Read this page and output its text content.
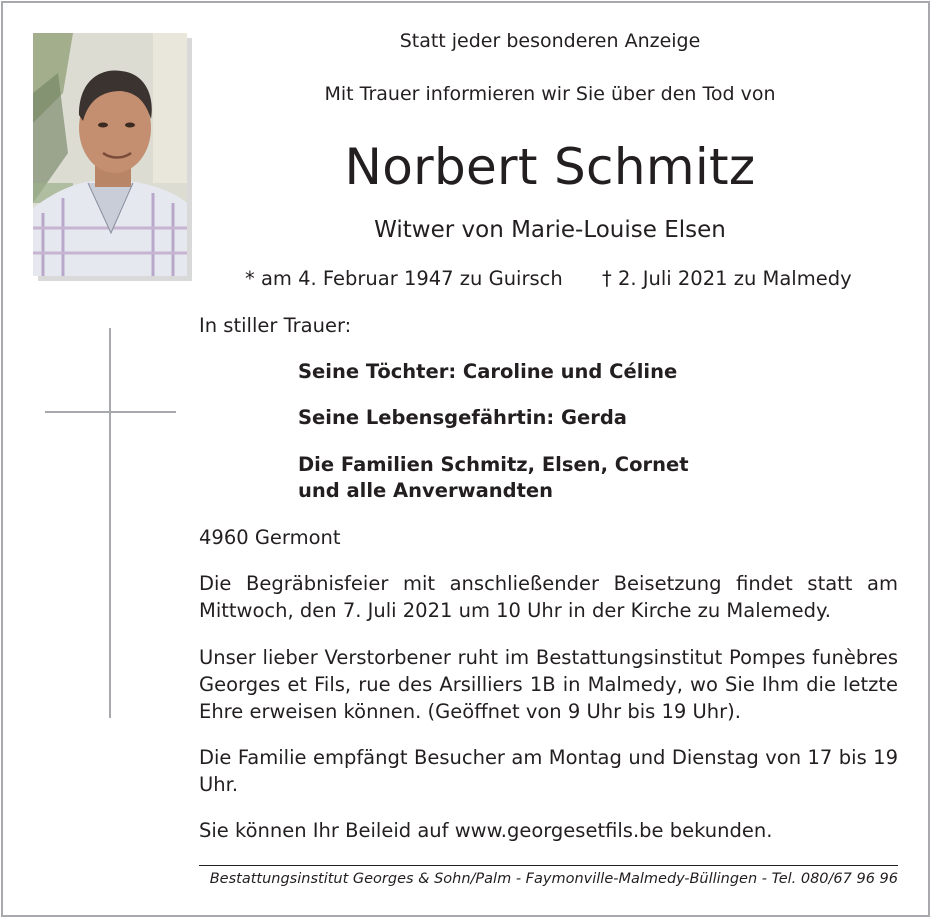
Statt jeder besonderen Anzeige
Mit Trauer informieren wir Sie über den Tod von
Norbert Schmitz
Witwer von Marie-Louise Elsen
* am 4. Februar 1947 zu Guirsch † 2. Juli 2021 zu Malmedy
In stiller Trauer:
Seine Töchter: Caroline und Céline
Seine Lebensgefährtin: Gerda
Die Familien Schmitz, Elsen, Cornet
und alle Anverwandten
4960 Germont
Die Begräbnisfeier mit anschließender Beisetzung findet statt am Mittwoch, den 7. Juli 2021 um 10 Uhr in der Kirche zu Malemedy.
Unser lieber Verstorbener ruht im Bestattungsinstitut Pompes funèbres Georges et Fils, rue des Arsilliers 1B in Malmedy, wo Sie Ihm die letzte Ehre erweisen können. (Geöffnet von 9 Uhr bis 19 Uhr).
Die Familie empfängt Besucher am Montag und Dienstag von 17 bis 19 Uhr.
Sie können Ihr Beileid auf www.georgesetfils.be bekunden.
Bestattungsinstitut Georges & Sohn/Palm - Faymonville-Malmedy-Büllingen - Tel. 080/67 96 96
